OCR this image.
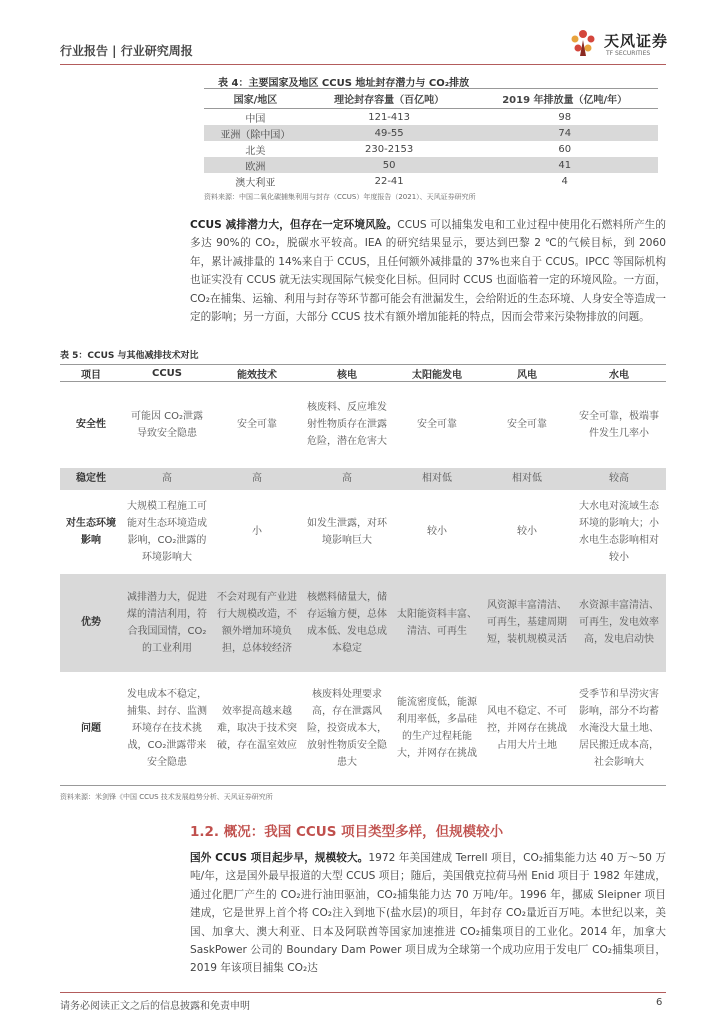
行业报告 | 行业研究周报
天风证券
TF SECURITIES
表 4：主要国家及地区 CCUS 地址封存潜力与 CO₂排放
国家/地区	理论封存容量（百亿吨）	2019 年排放量（亿吨/年）
中国	121-413	98
亚洲（除中国）	49-55	74
北美	230-2153	60
欧洲	50	41
澳大利亚	22-41	4
资料来源：中国二氧化碳捕集利用与封存（CCUS）年度报告（2021）、天风证券研究所
CCUS 减排潜力大，但存在一定环境风险。CCUS 可以捕集发电和工业过程中使用化石燃料所产生的多达 90%的 CO₂，脱碳水平较高。IEA 的研究结果显示，要达到巴黎 2 ℃的气候目标，到 2060 年，累计减排量的 14%来自于 CCUS，且任何额外减排量的 37%也来自于 CCUS。IPCC 等国际机构也证实没有 CCUS 就无法实现国际气候变化目标。但同时 CCUS 也面临着一定的环境风险。一方面，CO₂在捕集、运输、利用与封存等环节都可能会有泄漏发生，会给附近的生态环境、人身安全等造成一定的影响；另一方面，大部分 CCUS 技术有额外增加能耗的特点，因而会带来污染物排放的问题。
表 5：CCUS 与其他减排技术对比
项目	CCUS	能效技术	核电	太阳能发电	风电	水电
安全性	可能因 CO₂泄露导致安全隐患	安全可靠	核废料、反应堆发射性物质存在泄露危险，潜在危害大	安全可靠	安全可靠	安全可靠，极端事件发生几率小
稳定性	高	高	高	相对低	相对低	较高
对生态环境影响	大规模工程施工可能对生态环境造成影响，CO₂泄露的环境影响大	小	如发生泄露，对环境影响巨大	较小	较小	大水电对流域生态环境的影响大；小水电生态影响相对较小
优势	减排潜力大，促进煤的清洁利用，符合我国国情，CO₂的工业利用	不会对现有产业进行大规模改造，不额外增加环境负担，总体较经济	核燃料储量大，储存运输方便，总体成本低、发电总成本稳定	太阳能资料丰富、清洁、可再生	风资源丰富清洁、可再生，基建周期短，装机规模灵活	水资源丰富清洁、可再生，发电效率高，发电启动快
问题	发电成本不稳定，捕集、封存、监测环境存在技术挑战，CO₂泄露带来安全隐患	效率提高越来越难，取决于技术突破，存在温室效应	核废料处理要求高，存在泄露风险，投资成本大，放射性物质安全隐患大	能流密度低，能源利用率低，多晶硅的生产过程耗能大，并网存在挑战	风电不稳定、不可控，并网存在挑战占用大片土地	受季节和旱涝灾害影响，部分不均蓄水淹没大量土地、居民搬迁成本高，社会影响大
资料来源：米剑锋《中国 CCUS 技术发展趋势分析、天风证券研究所
1.2. 概况：我国 CCUS 项目类型多样，但规模较小
国外 CCUS 项目起步早，规模较大。1972 年美国建成 Terrell 项目，CO₂捕集能力达 40 万～50 万吨/年，这是国外最早报道的大型 CCUS 项目；随后，美国俄克拉荷马州 Enid 项目于 1982 年建成，通过化肥厂产生的 CO₂进行油田驱油，CO₂捕集能力达 70 万吨/年。1996 年，挪威 Sleipner 项目建成，它是世界上首个将 CO₂注入到地下(盐水层)的项目，年封存 CO₂量近百万吨。本世纪以来，美国、加拿大、澳大利亚、日本及阿联酋等国家加速推进 CO₂捕集项目的工业化。2014 年，加拿大 SaskPower 公司的 Boundary Dam Power 项目成为全球第一个成功应用于发电厂 CO₂捕集项目，2019 年该项目捕集 CO₂达
请务必阅读正文之后的信息披露和免责申明	6
